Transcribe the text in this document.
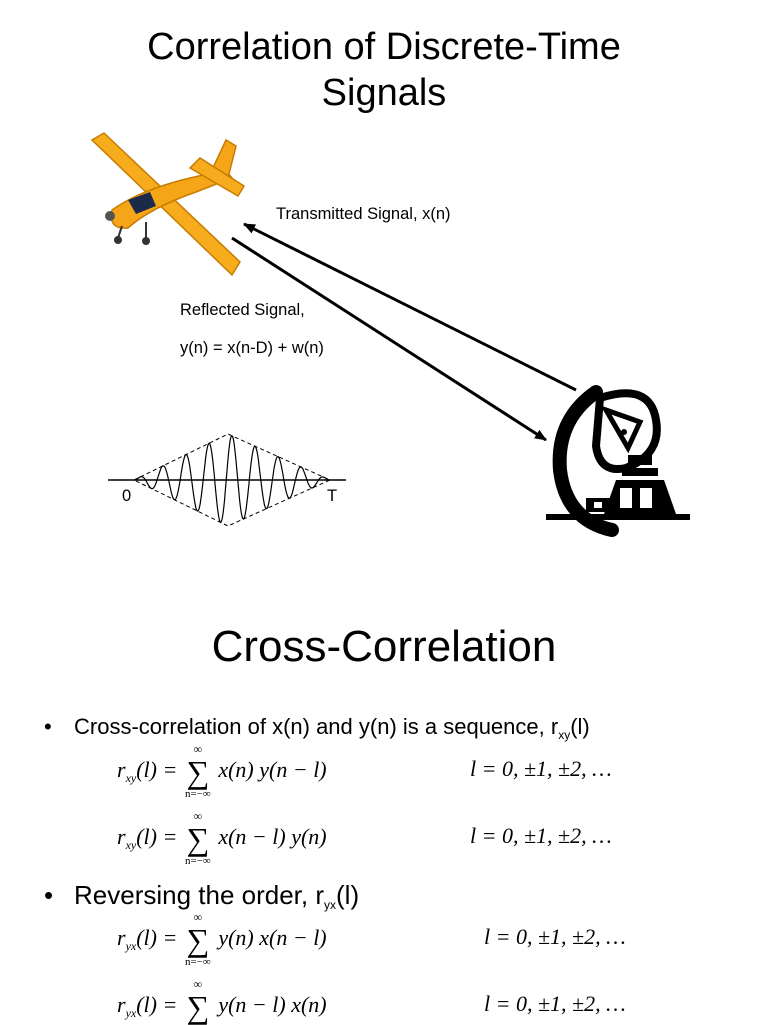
Correlation of Discrete-Time
Signals
Transmitted Signal, x(n)
Reflected Signal,
y(n) = x(n-D) + w(n)
0	T
Cross-Correlation
• Cross-correlation of x(n) and y(n) is a sequence, $r_{xy}(l)$
• Reversing the order, $r_{yx}(l)$
$r_{xy}(l)$ =
∞
∑
n=−∞
x(n) y(n − l)	l = 0, ±1, ±2, …
$r_{xy}(l)$ =
∞
∑
n=−∞
x(n − l) y(n)	l = 0, ±1, ±2, …
$r_{yx}(l)$ =
∞
∑
n=−∞
y(n) x(n − l)	l = 0, ±1, ±2, …
$r_{yx}(l)$ =
∞
∑ y(n − l) x(n)	l = 0, ±1, ±2, …
